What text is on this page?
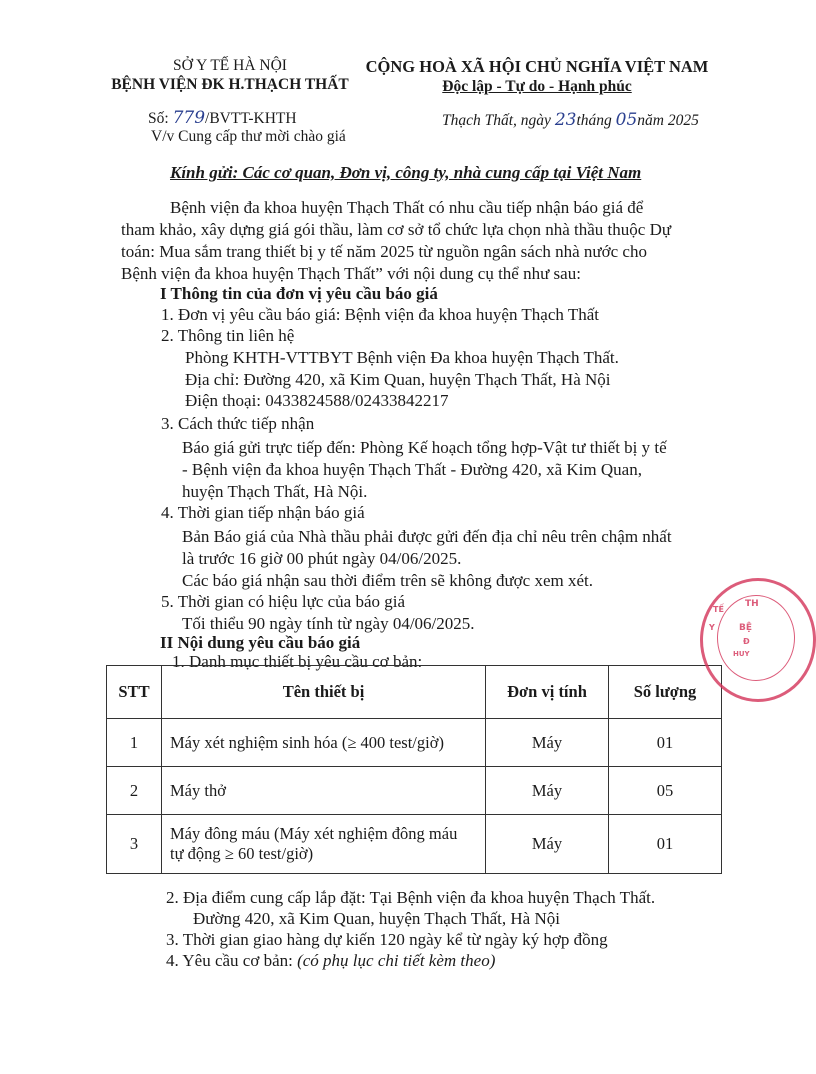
SỞ Y TẾ HÀ NỘI
BỆNH VIỆN ĐK H.THẠCH THẤT
CỘNG HOÀ XÃ HỘI CHỦ NGHĨA VIỆT NAM
Độc lập - Tự do - Hạnh phúc
Số: 779/BVTT-KHTH
V/v Cung cấp thư mời chào giá
Thạch Thất, ngày 23tháng 05năm 2025
Kính gửi: Các cơ quan, Đơn vị, công ty, nhà cung cấp tại Việt Nam
Bệnh viện đa khoa huyện Thạch Thất có nhu cầu tiếp nhận báo giá để
tham khảo, xây dựng giá gói thầu, làm cơ sở tổ chức lựa chọn nhà thầu thuộc Dự
toán: Mua sắm trang thiết bị y tế năm 2025 từ nguồn ngân sách nhà nước cho
Bệnh viện đa khoa huyện Thạch Thất” với nội dung cụ thể như sau:
I Thông tin của đơn vị yêu cầu báo giá
1. Đơn vị yêu cầu báo giá: Bệnh viện đa khoa huyện Thạch Thất
2. Thông tin liên hệ
Phòng KHTH-VTTBYT Bệnh viện Đa khoa huyện Thạch Thất.
Địa chỉ: Đường 420, xã Kim Quan, huyện Thạch Thất, Hà Nội
Điện thoại: 0433824588/02433842217
3. Cách thức tiếp nhận
Báo giá gửi trực tiếp đến: Phòng Kế hoạch tổng hợp-Vật tư thiết bị y tế
- Bệnh viện đa khoa huyện Thạch Thất - Đường 420, xã Kim Quan,
huyện Thạch Thất, Hà Nội.
4. Thời gian tiếp nhận báo giá
Bản Báo giá của Nhà thầu phải được gửi đến địa chỉ nêu trên chậm nhất
là trước 16 giờ 00 phút ngày 04/06/2025.
Các báo giá nhận sau thời điểm trên sẽ không được xem xét.
5. Thời gian có hiệu lực của báo giá
Tối thiểu 90 ngày tính từ ngày 04/06/2025.
II Nội dung yêu cầu báo giá
1. Danh mục thiết bị yêu cầu cơ bản:
STT	Tên thiết bị	Đơn vị tính	Số lượng
1	Máy xét nghiệm sinh hóa (≥ 400 test/giờ)	Máy	01
2	Máy thở	Máy	05
3	Máy đông máu (Máy xét nghiệm đông máu
tự động ≥ 60 test/giờ)	Máy	01
2. Địa điểm cung cấp lắp đặt: Tại Bệnh viện đa khoa huyện Thạch Thất.
Đường 420, xã Kim Quan, huyện Thạch Thất, Hà Nội
3. Thời gian giao hàng dự kiến 120 ngày kể từ ngày ký hợp đồng
4. Yêu cầu cơ bản: (có phụ lục chi tiết kèm theo)
TH
BỆ
Đ
HUY
Y
TẾ
